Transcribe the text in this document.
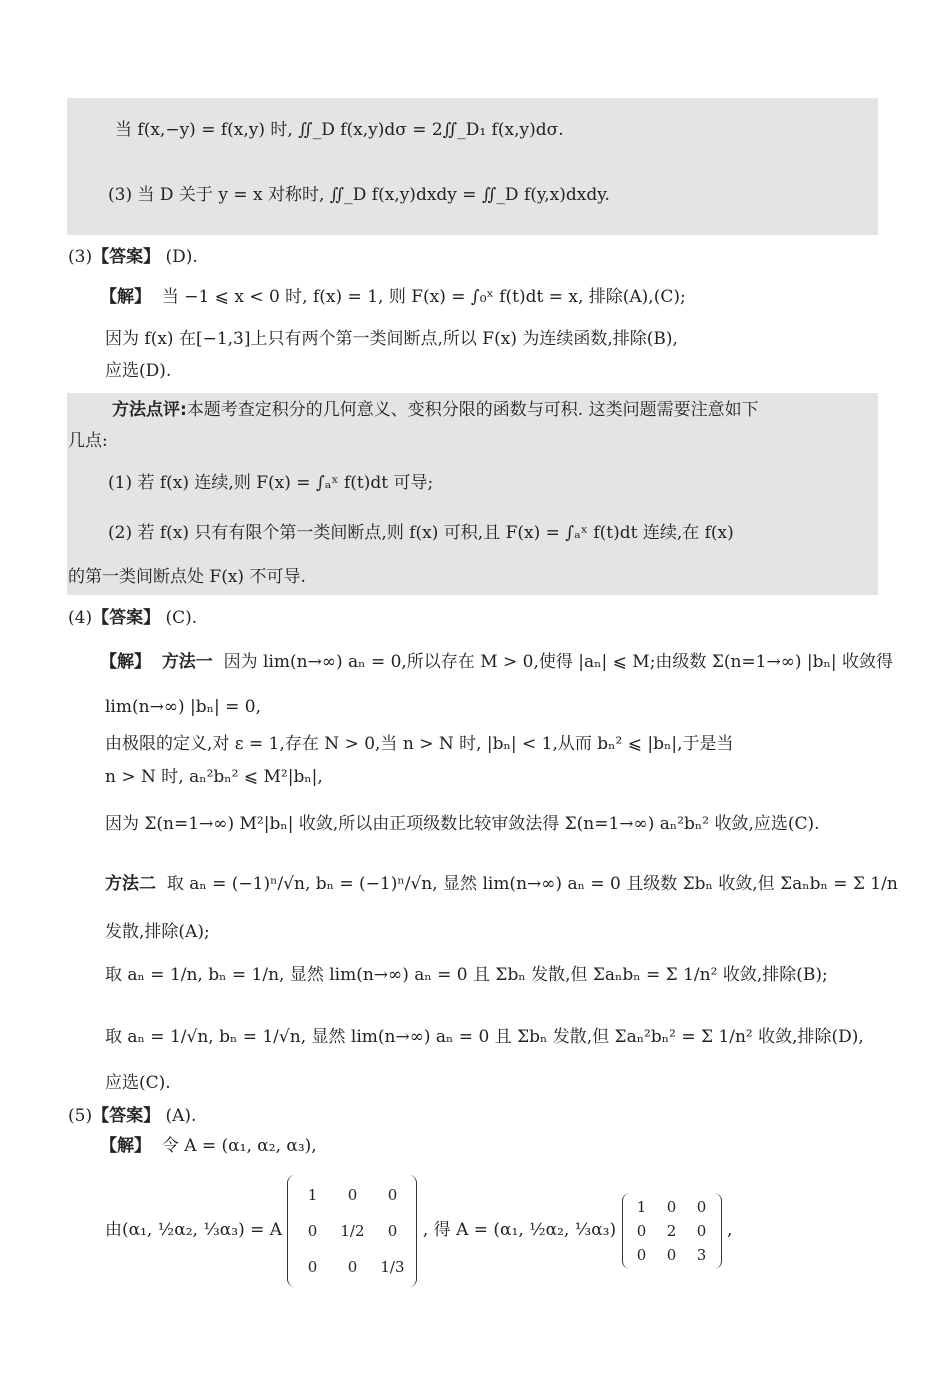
当 f(x,−y) = f(x,y) 时, ∬_D f(x,y)dσ = 2∬_D₁ f(x,y)dσ.
(3) 当 D 关于 y = x 对称时, ∬_D f(x,y)dxdy = ∬_D f(y,x)dxdy.
(3)【答案】 (D).
【解】 当 −1 ⩽ x < 0 时, f(x) = 1, 则 F(x) = ∫₀ˣ f(t)dt = x, 排除(A),(C);
因为 f(x) 在[−1,3]上只有两个第一类间断点,所以 F(x) 为连续函数,排除(B),
应选(D).
方法点评:本题考查定积分的几何意义、变积分限的函数与可积. 这类问题需要注意如下
几点:
(1) 若 f(x) 连续,则 F(x) = ∫ₐˣ f(t)dt 可导;
(2) 若 f(x) 只有有限个第一类间断点,则 f(x) 可积,且 F(x) = ∫ₐˣ f(t)dt 连续,在 f(x)
的第一类间断点处 F(x) 不可导.
(4)【答案】 (C).
【解】 方法一 因为 lim(n→∞) aₙ = 0,所以存在 M > 0,使得 |aₙ| ⩽ M;由级数 Σ(n=1→∞) |bₙ| 收敛得
lim(n→∞) |bₙ| = 0,
由极限的定义,对 ε = 1,存在 N > 0,当 n > N 时, |bₙ| < 1,从而 bₙ² ⩽ |bₙ|,于是当
n > N 时, aₙ²bₙ² ⩽ M²|bₙ|,
因为 Σ(n=1→∞) M²|bₙ| 收敛,所以由正项级数比较审敛法得 Σ(n=1→∞) aₙ²bₙ² 收敛,应选(C).
方法二 取 aₙ = (−1)ⁿ/√n, bₙ = (−1)ⁿ/√n, 显然 lim(n→∞) aₙ = 0 且级数 Σbₙ 收敛,但 Σaₙbₙ = Σ 1/n
发散,排除(A);
取 aₙ = 1/n, bₙ = 1/n, 显然 lim(n→∞) aₙ = 0 且 Σbₙ 发散,但 Σaₙbₙ = Σ 1/n² 收敛,排除(B);
取 aₙ = 1/√n, bₙ = 1/√n, 显然 lim(n→∞) aₙ = 0 且 Σbₙ 发散,但 Σaₙ²bₙ² = Σ 1/n² 收敛,排除(D),
应选(C).
(5)【答案】 (A).
【解】 令 A = (α₁, α₂, α₃),
由(α₁, ½α₂, ⅓α₃) = A
1	0	0
0	1/2	0
0	0	1/3
, 得 A = (α₁, ½α₂, ⅓α₃)
1	0	0
0	2	0
0	0	3
,
